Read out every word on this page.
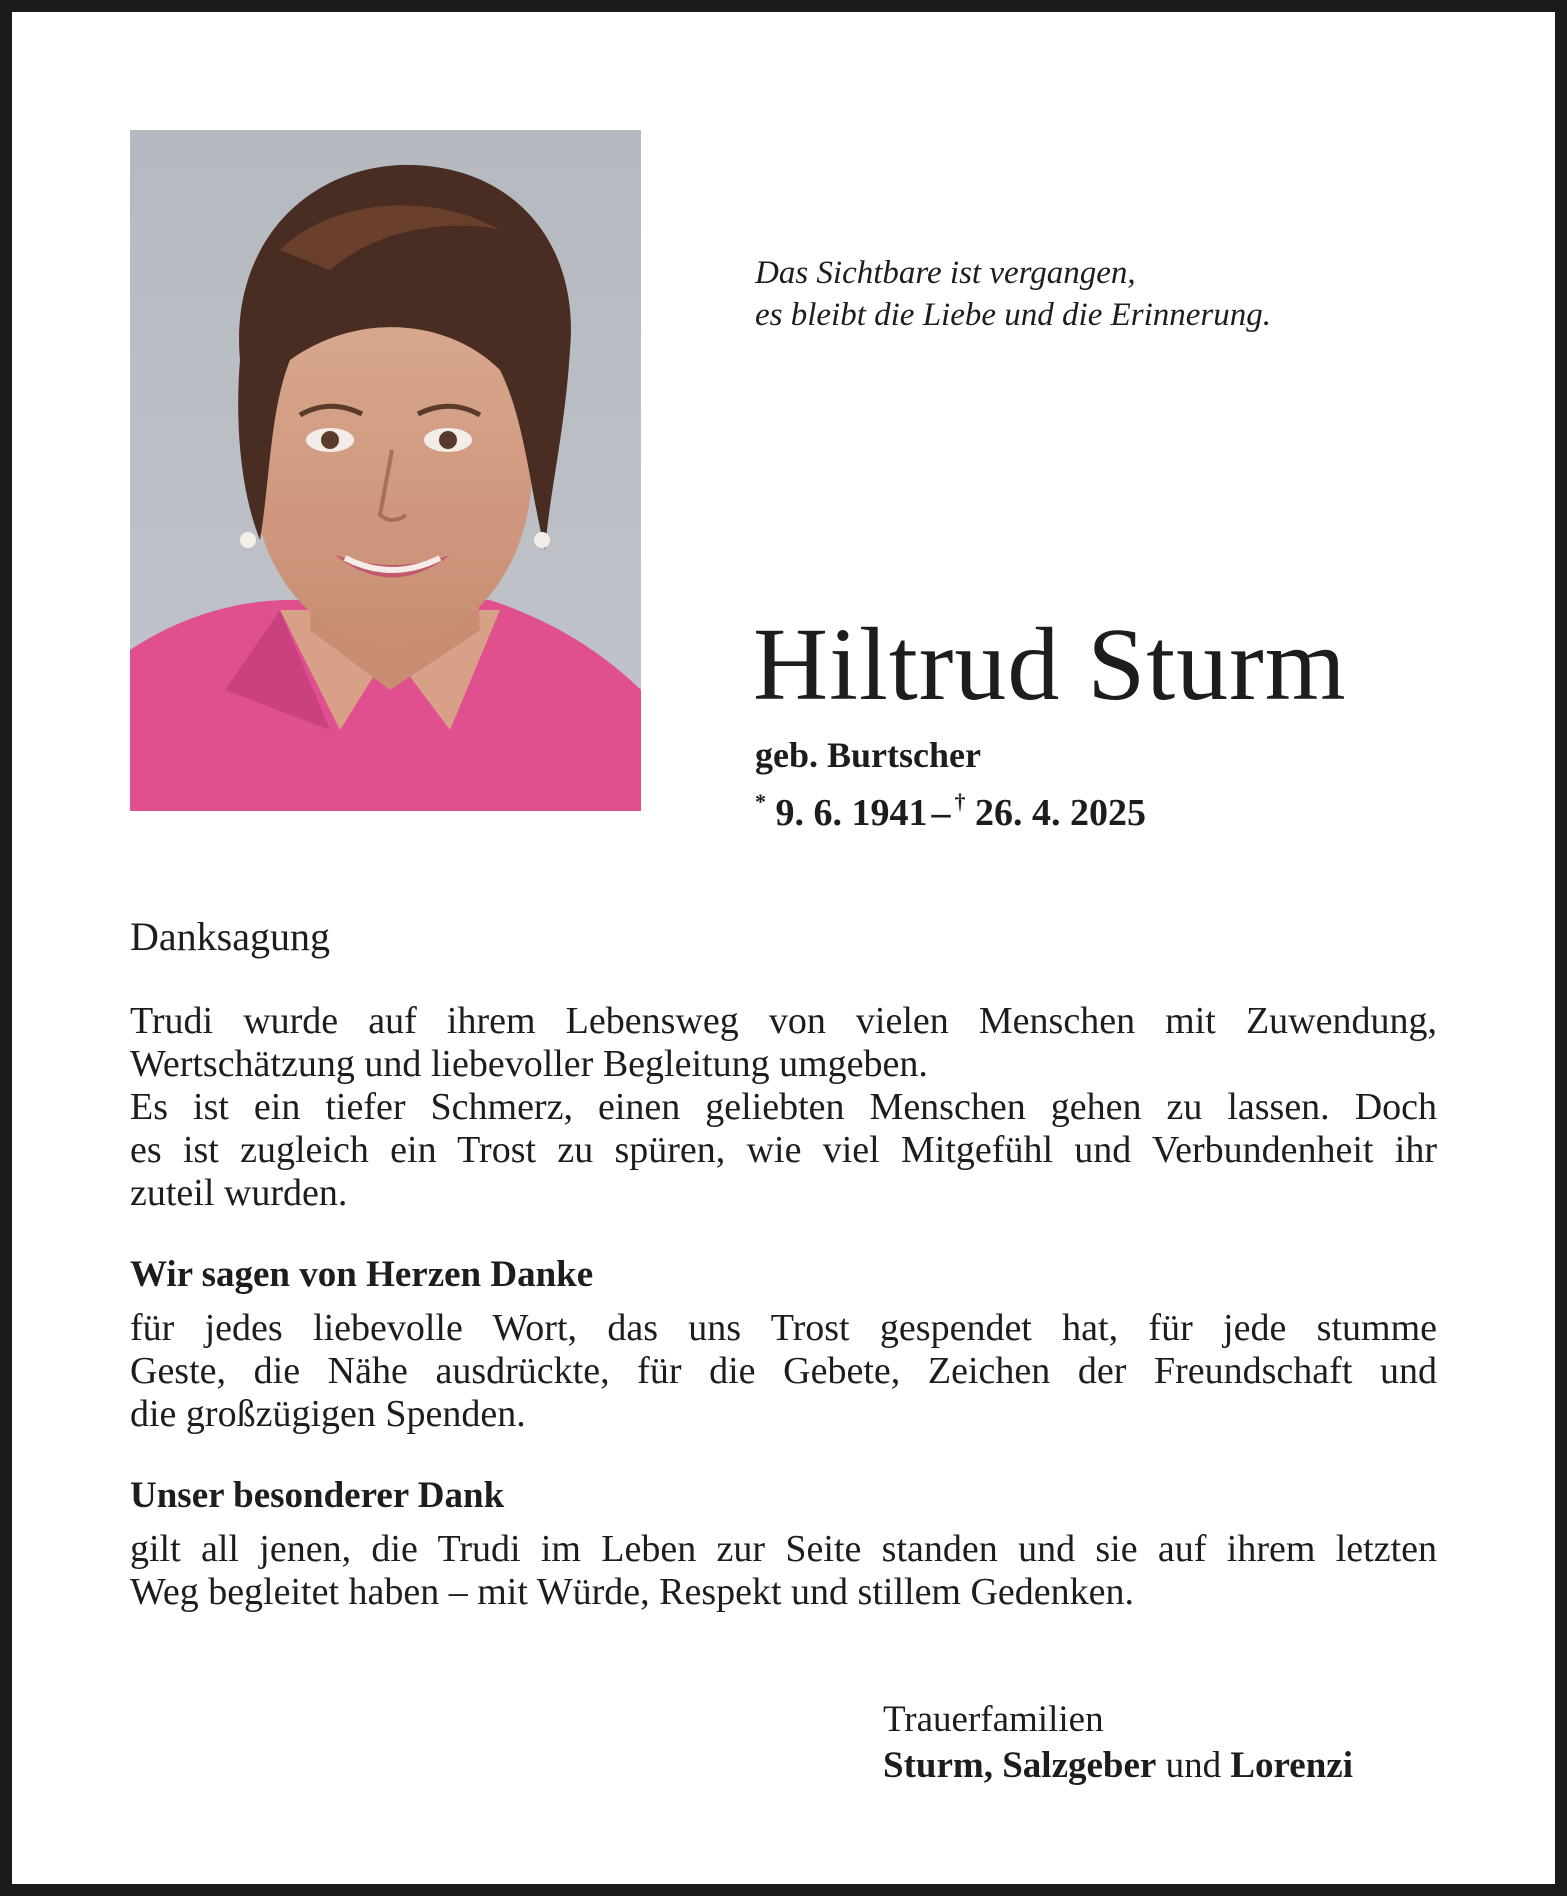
Das Sichtbare ist vergangen,
es bleibt die Liebe und die Erinnerung.
Hiltrud Sturm
geb. Burtscher
* 9. 6. 1941 – † 26. 4. 2025
Danksagung
Trudi wurde auf ihrem Lebensweg von vielen Menschen mit Zuwendung,
Wertschätzung und liebevoller Begleitung umgeben.
Es ist ein tiefer Schmerz, einen geliebten Menschen gehen zu lassen. Doch
es ist zugleich ein Trost zu spüren, wie viel Mitgefühl und Verbundenheit ihr
zuteil wurden.
Wir sagen von Herzen Danke
für jedes liebevolle Wort, das uns Trost gespendet hat, für jede stumme
Geste, die Nähe ausdrückte, für die Gebete, Zeichen der Freundschaft und
die großzügigen Spenden.
Unser besonderer Dank
gilt all jenen, die Trudi im Leben zur Seite standen und sie auf ihrem letzten
Weg begleitet haben – mit Würde, Respekt und stillem Gedenken.
Trauerfamilien
Sturm, Salzgeber und Lorenzi
